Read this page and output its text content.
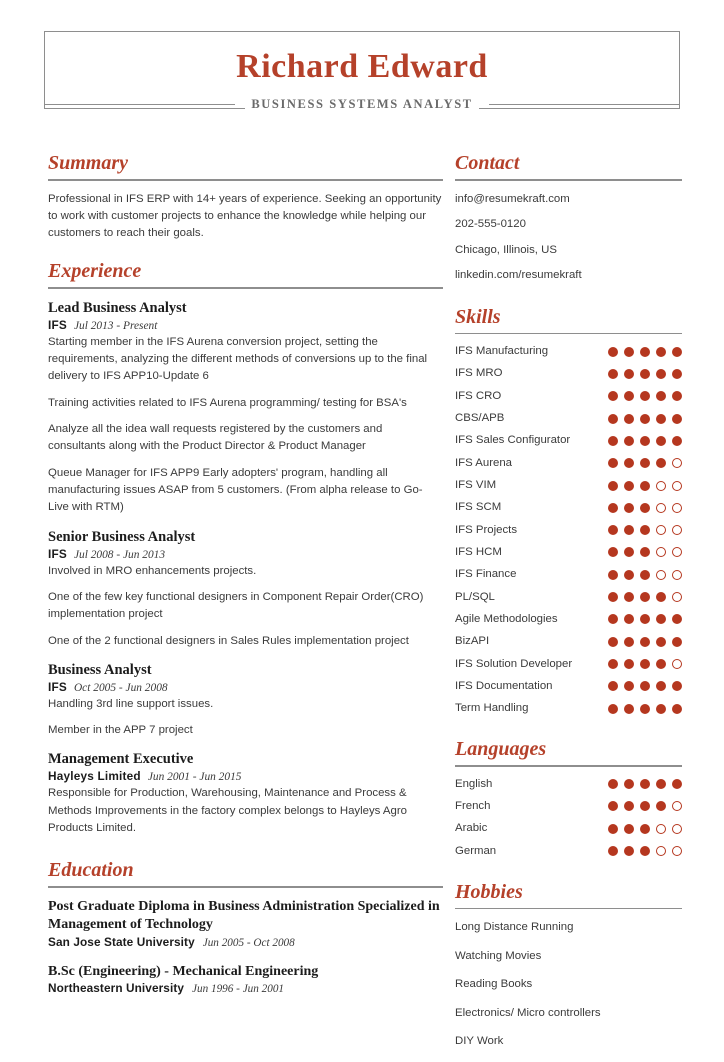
Richard Edward
BUSINESS SYSTEMS ANALYST
Summary
Professional in IFS ERP with 14+ years of experience. Seeking an opportunity to work with customer projects to enhance the knowledge while helping our customers to reach their goals.
Experience
Lead Business Analyst
IFS Jul 2013 - Present
Starting member in the IFS Aurena conversion project, setting the requirements, analyzing the different methods of conversions up to the final delivery to IFS APP10-Update 6
Training activities related to IFS Aurena programming/ testing for BSA's
Analyze all the idea wall requests registered by the customers and consultants along with the Product Director & Product Manager
Queue Manager for IFS APP9 Early adopters' program, handling all manufacturing issues ASAP from 5 customers. (From alpha release to Go-Live with RTM)
Senior Business Analyst
IFS Jul 2008 - Jun 2013
Involved in MRO enhancements projects.
One of the few key functional designers in Component Repair Order(CRO) implementation project
One of the 2 functional designers in Sales Rules implementation project
Business Analyst
IFS Oct 2005 - Jun 2008
Handling 3rd line support issues.
Member in the APP 7 project
Management Executive
Hayleys Limited Jun 2001 - Jun 2015
Responsible for Production, Warehousing, Maintenance and Process & Methods Improvements in the factory complex belongs to Hayleys Agro Products Limited.
Education
Post Graduate Diploma in Business Administration Specialized in Management of Technology
San Jose State University Jun 2005 - Oct 2008
B.Sc (Engineering) - Mechanical Engineering
Northeastern University Jun 1996 - Jun 2001
Contact
info@resumekraft.com
202-555-0120
Chicago, Illinois, US
linkedin.com/resumekraft
Skills
IFS Manufacturing
IFS MRO
IFS CRO
CBS/APB
IFS Sales Configurator
IFS Aurena
IFS VIM
IFS SCM
IFS Projects
IFS HCM
IFS Finance
PL/SQL
Agile Methodologies
BizAPI
IFS Solution Developer
IFS Documentation
Term Handling
Languages
English
French
Arabic
German
Hobbies
Long Distance Running
Watching Movies
Reading Books
Electronics/ Micro controllers
DIY Work
